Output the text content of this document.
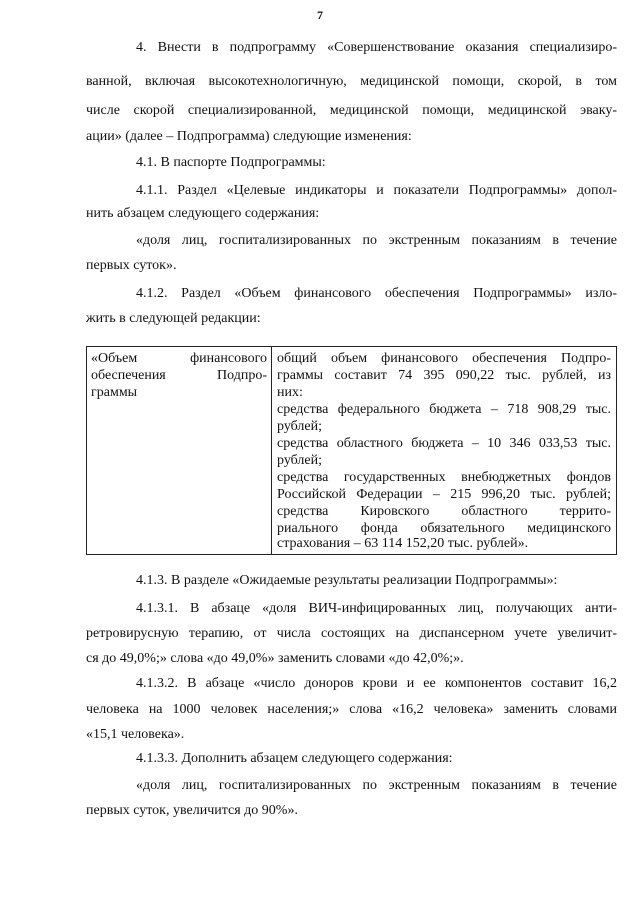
7
4. Внести в подпрограмму «Совершенствование оказания специализиро-
ванной, включая высокотехнологичную, медицинской помощи, скорой, в том
числе скорой специализированной, медицинской помощи, медицинской эваку-
ации» (далее – Подпрограмма) следующие изменения:
4.1. В паспорте Подпрограммы:
4.1.1. Раздел «Целевые индикаторы и показатели Подпрограммы» допол-
нить абзацем следующего содержания:
«доля лиц, госпитализированных по экстренным показаниям в течение
первых суток».
4.1.2. Раздел «Объем финансового обеспечения Подпрограммы» изло-
жить в следующей редакции:
«Объем финансового
обеспечения Подпро-
граммы
общий объем финансового обеспечения Подпро-
граммы составит 74 395 090,22 тыс. рублей, из
них:
средства федерального бюджета – 718 908,29 тыс.
рублей;
средства областного бюджета – 10 346 033,53 тыс.
рублей;
средства государственных внебюджетных фондов
Российской Федерации – 215 996,20 тыс. рублей;
средства Кировского областного террито-
риального фонда обязательного медицинского
страхования – 63 114 152,20 тыс. рублей».
4.1.3. В разделе «Ожидаемые результаты реализации Подпрограммы»:
4.1.3.1. В абзаце «доля ВИЧ-инфицированных лиц, получающих анти-
ретровирусную терапию, от числа состоящих на диспансерном учете увеличит-
ся до 49,0%;» слова «до 49,0%» заменить словами «до 42,0%;».
4.1.3.2. В абзаце «число доноров крови и ее компонентов составит 16,2
человека на 1000 человек населения;» слова «16,2 человека» заменить словами
«15,1 человека».
4.1.3.3. Дополнить абзацем следующего содержания:
«доля лиц, госпитализированных по экстренным показаниям в течение
первых суток, увеличится до 90%».
